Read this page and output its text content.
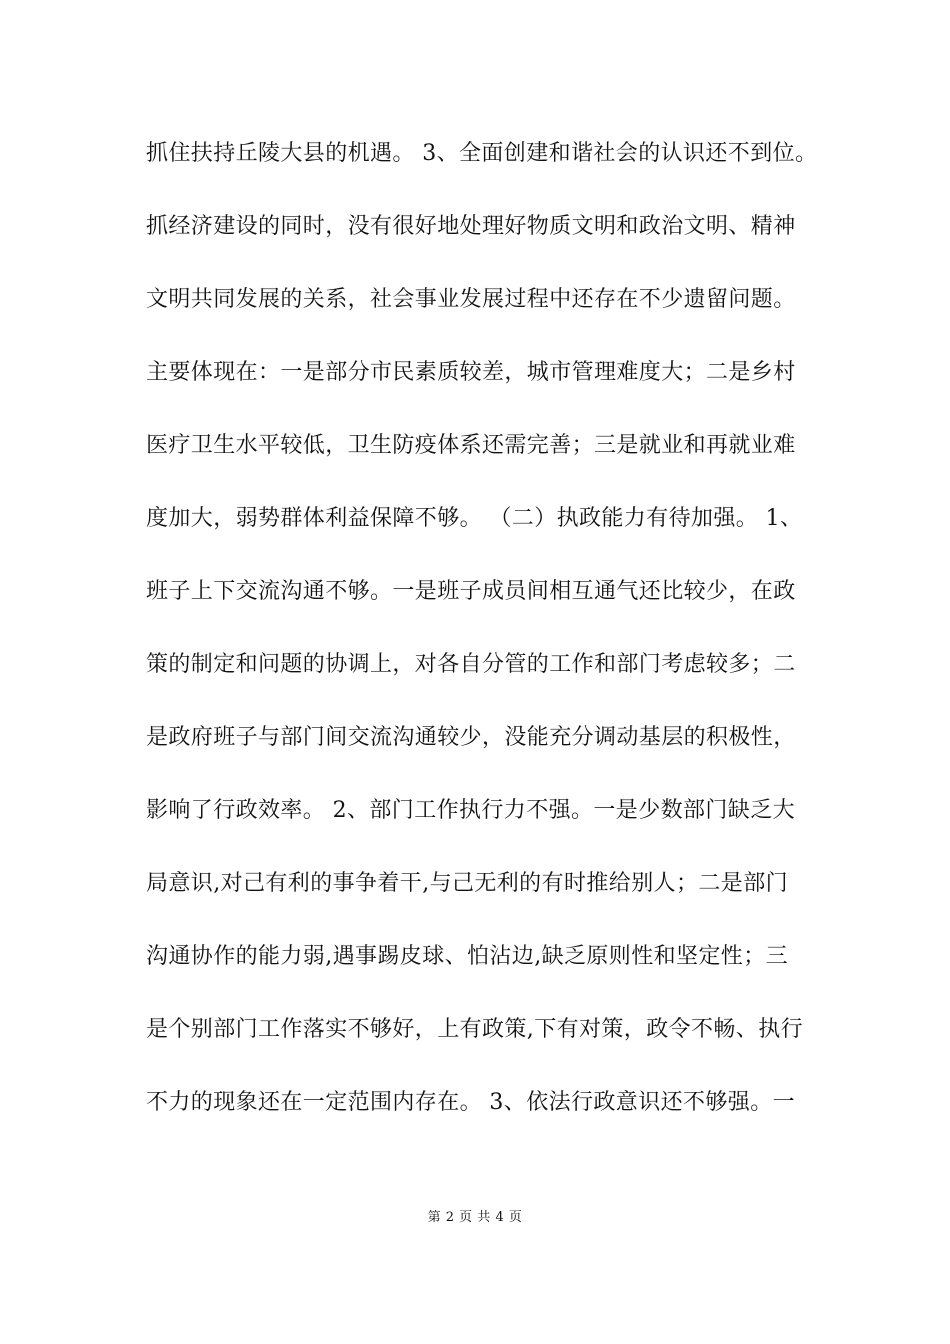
抓住扶持丘陵大县的机遇。 3、全面创建和谐社会的认识还不到位。
抓经济建设的同时，没有很好地处理好物质文明和政治文明、精神
文明共同发展的关系，社会事业发展过程中还存在不少遗留问题。
主要体现在：一是部分市民素质较差，城市管理难度大；二是乡村
医疗卫生水平较低，卫生防疫体系还需完善；三是就业和再就业难
度加大，弱势群体利益保障不够。 （二）执政能力有待加强。 1、
班子上下交流沟通不够。一是班子成员间相互通气还比较少，在政
策的制定和问题的协调上，对各自分管的工作和部门考虑较多；二
是政府班子与部门间交流沟通较少，没能充分调动基层的积极性，
影响了行政效率。 2、部门工作执行力不强。一是少数部门缺乏大
局意识,对己有利的事争着干,与己无利的有时推给别人；二是部门
沟通协作的能力弱,遇事踢皮球、怕沾边,缺乏原则性和坚定性；三
是个别部门工作落实不够好，上有政策,下有对策，政令不畅、执行
不力的现象还在一定范围内存在。 3、依法行政意识还不够强。一
第 2 页 共 4 页
